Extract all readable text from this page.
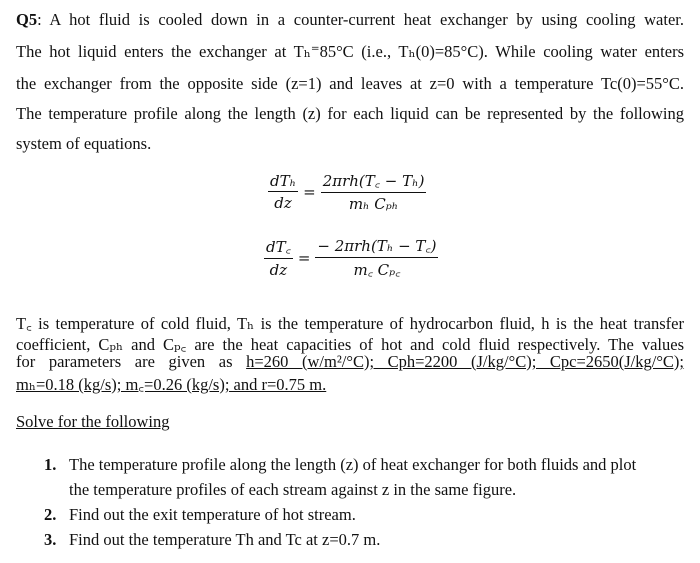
Q5: A hot fluid is cooled down in a counter-current heat exchanger by using cooling water.
The hot liquid enters the exchanger at Tₕ⁼85°C (i.e., Tₕ(0)=85°C). While cooling water enters
the exchanger from the opposite side (z=1) and leaves at z=0 with a temperature Tc(0)=55°C.
The temperature profile along the length (z) for each liquid can be represented by the following
system of equations.
$\frac{\text{dTₕ}}{dz} = \frac{\text{2πrh(T꜀ − Tₕ)}}{\text{mₕ Cₚₕ}}$
$\frac{dT꜀}{dz} = \frac{\text{− 2πrh(Tₕ − T꜀)}}{\text{m꜀ Cₚ꜀}}$
T꜀ is temperature of cold fluid, Tₕ is the temperature of hydrocarbon fluid, h is the heat transfer
coefficient, Cₚₕ and Cₚ꜀ are the heat capacities of hot and cold fluid respectively. The values
for parameters are given as h=260 (w/m²/°C); Cph=2200 (J/kg/°C); Cpc=2650(J/kg/°C);
mₕ=0.18 (kg/s); m꜀=0.26 (kg/s); and r=0.75 m.
Solve for the following
1. The temperature profile along the length (z) of heat exchanger for both fluids and plot
the temperature profiles of each stream against z in the same figure.
2. Find out the exit temperature of hot stream.
3. Find out the temperature Th and Tc at z=0.7 m.
